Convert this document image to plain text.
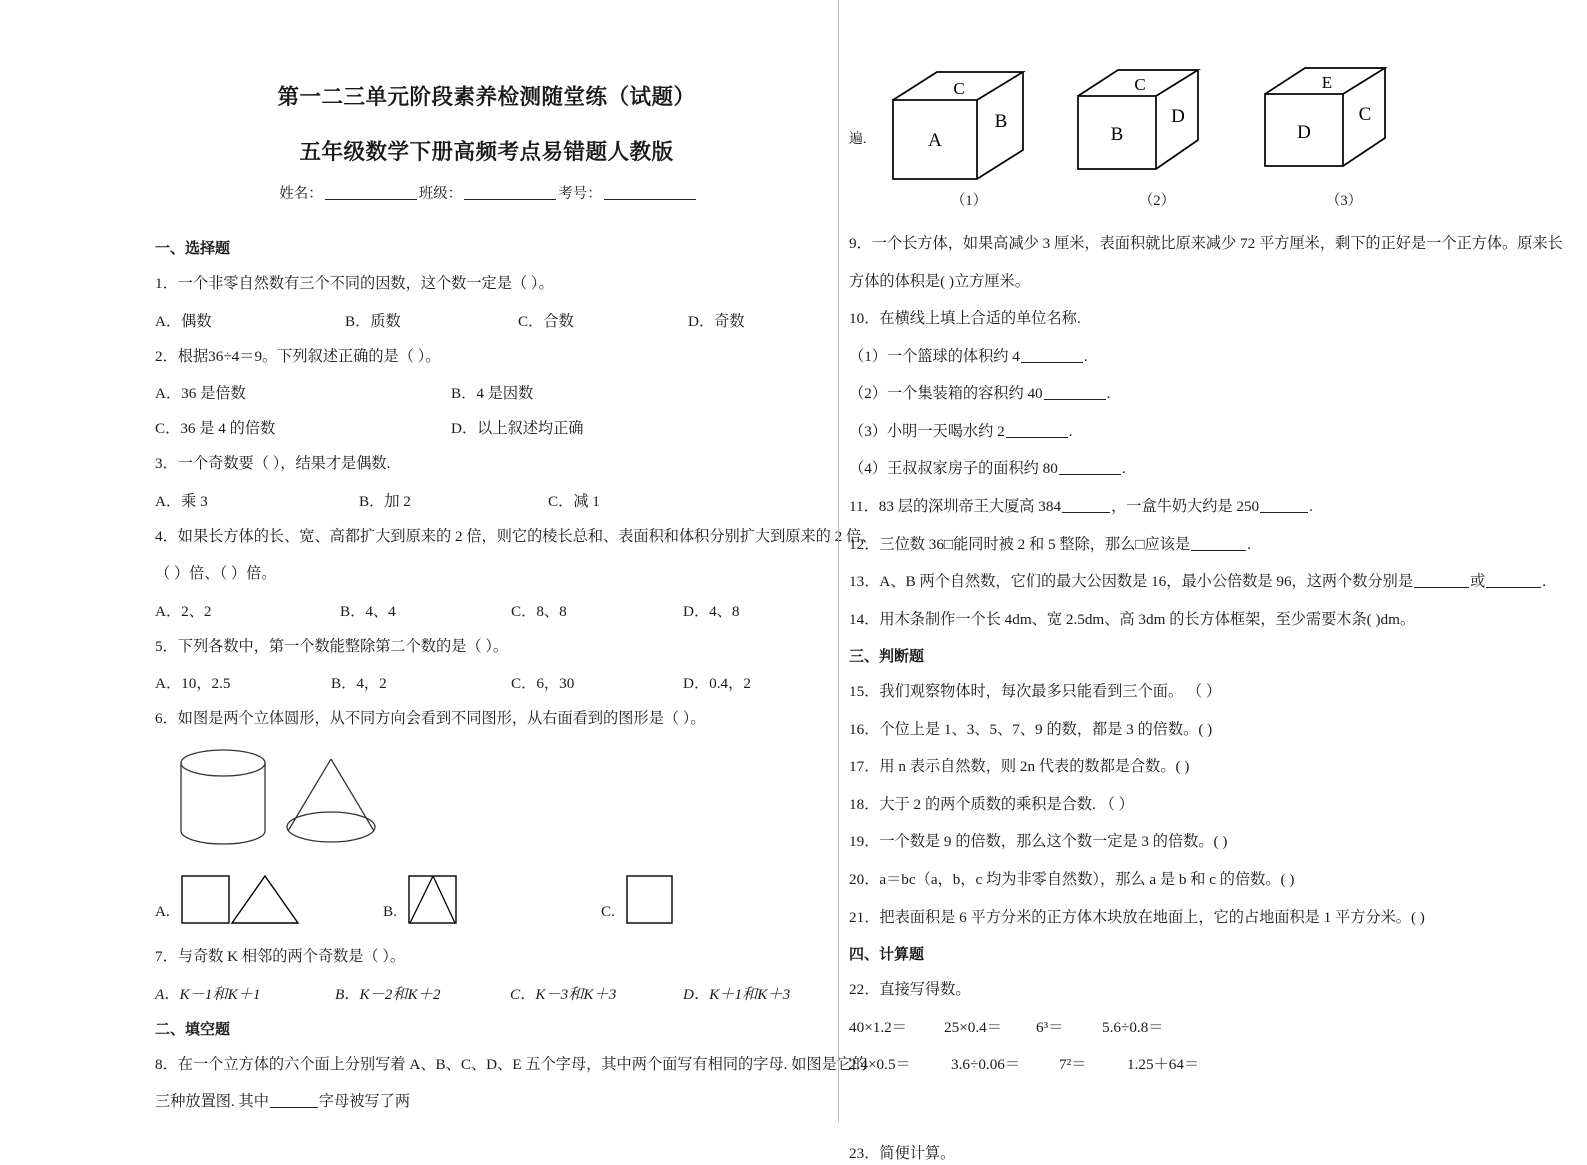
第一二三单元阶段素养检测随堂练（试题）
五年级数学下册高频考点易错题人教版
姓名：	班级：	考号：
一、选择题
1．一个非零自然数有三个不同的因数，这个数一定是（ ）。
A．偶数	B．质数	C．合数	D．奇数
2．根据36÷4＝9。下列叙述正确的是（ ）。
A．36 是倍数	B．4 是因数
C．36 是 4 的倍数	D．以上叙述均正确
3．一个奇数要（ ），结果才是偶数.
A．乘 3	B．加 2	C．减 1
4．如果长方体的长、宽、高都扩大到原来的 2 倍，则它的棱长总和、表面积和体积分别扩大到原来的 2 倍、
（ ）倍、（ ）倍。
A．2、2	B．4、4	C．8、8	D．4、8
5．下列各数中，第一个数能整除第二个数的是（ ）。
A．10，2.5	B．4，2	C．6，30	D．0.4，2
6．如图是两个立体圆形，从不同方向会看到不同图形，从右面看到的图形是（ ）。
A.	B.	C.
7．与奇数 K 相邻的两个奇数是（ ）。
A．K－1和K＋1	B．K－2和K＋2	C．K－3和K＋3	D．K＋1和K＋3
二、填空题
8．在一个立方体的六个面上分别写着 A、B、C、D、E 五个字母，其中两个面写有相同的字母. 如图是它的
三种放置图. 其中	字母被写了两
遍.	A
B
C
（1）
B
D
C
（2）
D
C
E
（3）
9．一个长方体，如果高减少 3 厘米，表面积就比原来减少 72 平方厘米，剩下的正好是一个正方体。原来长
方体的体积是( )立方厘米。
10．在横线上填上合适的单位名称.
（1）一个篮球的体积约 4	.
（2）一个集装箱的容积约 40	.
（3）小明一天喝水约 2	.
（4）王叔叔家房子的面积约 80	.
11．83 层的深圳帝王大厦高 384	，一盒牛奶大约是 250	.
12．三位数 36□能同时被 2 和 5 整除，那么□应该是	.
13．A、B 两个自然数，它们的最大公因数是 16，最小公倍数是 96，这两个数分别是	或	.
14．用木条制作一个长 4dm、宽 2.5dm、高 3dm 的长方体框架，至少需要木条( )dm。
三、判断题
15．我们观察物体时，每次最多只能看到三个面。 （ ）
16．个位上是 1、3、5、7、9 的数，都是 3 的倍数。( )
17．用 n 表示自然数，则 2n 代表的数都是合数。( )
18．大于 2 的两个质数的乘积是合数. （ ）
19．一个数是 9 的倍数，那么这个数一定是 3 的倍数。( )
20．a＝bc（a，b，c 均为非零自然数），那么 a 是 b 和 c 的倍数。( )
21．把表面积是 6 平方分米的正方体木块放在地面上，它的占地面积是 1 平方分米。( )
四、计算题
22．直接写得数。
40×1.2＝	25×0.4＝	6³＝	5.6÷0.8＝
2.4×0.5＝	3.6÷0.06＝	7²＝	1.25＋64＝
23．简便计算。
